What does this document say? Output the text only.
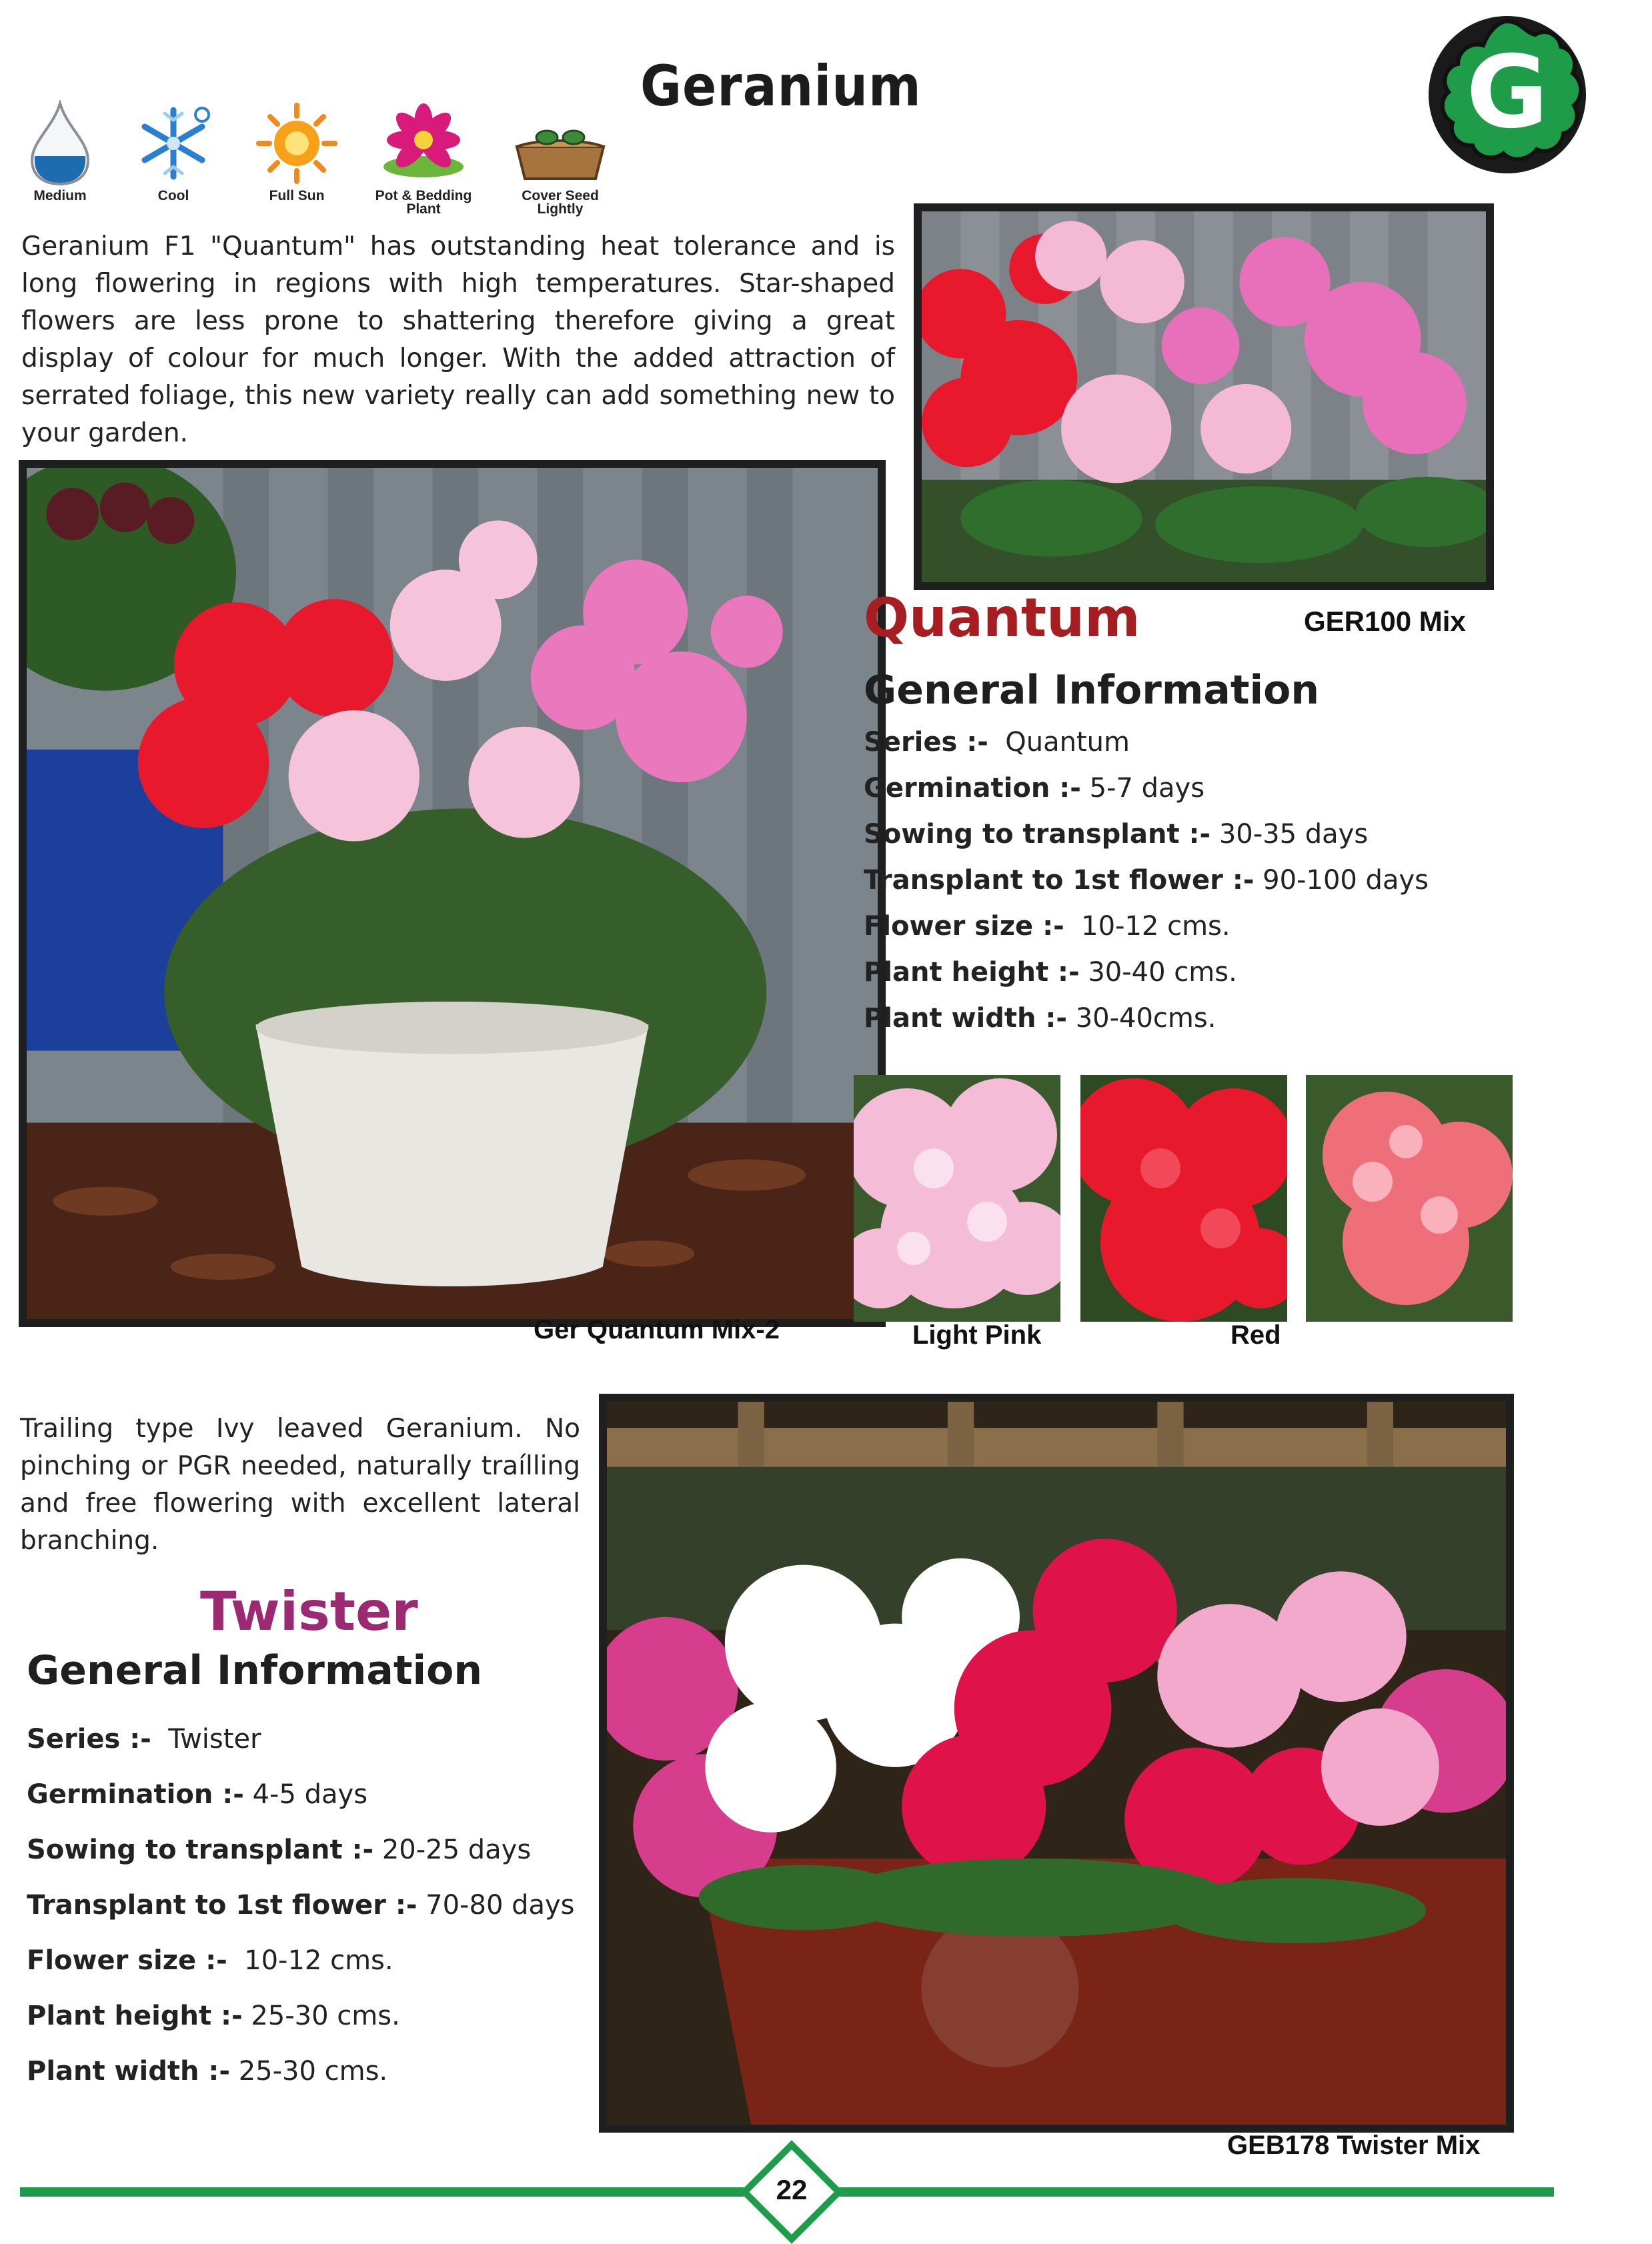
Geranium	G
Medium	Cool	Full Sun	Pot & Bedding
Plant
Cover Seed
Lightly
Geranium F1 "Quantum" has outstanding heat tolerance and is long flowering in regions with high temperatures. Star-shaped flowers are less prone to shattering therefore giving a great display of colour for much longer. With the added attraction of serrated foliage, this new variety really can add something new to your garden.
Ger Quantum Mix-2
Quantum	GER100 Mix
General Information
Series :- Quantum
Germination :- 5-7 days
Sowing to transplant :- 30-35 days
Transplant to 1st flower :- 90-100 days
Flower size :- 10-12 cms.
Plant height :- 30-40 cms.
Plant width :- 30-40cms.
Light Pink	Red
Trailing type Ivy leaved Geranium. No pinching or PGR needed, naturally traílling and free flowering with excellent lateral branching.
Twister
General Information
Series :- Twister
Germination :- 4-5 days
Sowing to transplant :- 20-25 days
Transplant to 1st flower :- 70-80 days
Flower size :- 10-12 cms.
Plant height :- 25-30 cms.
Plant width :- 25-30 cms.
GEB178 Twister Mix
22
